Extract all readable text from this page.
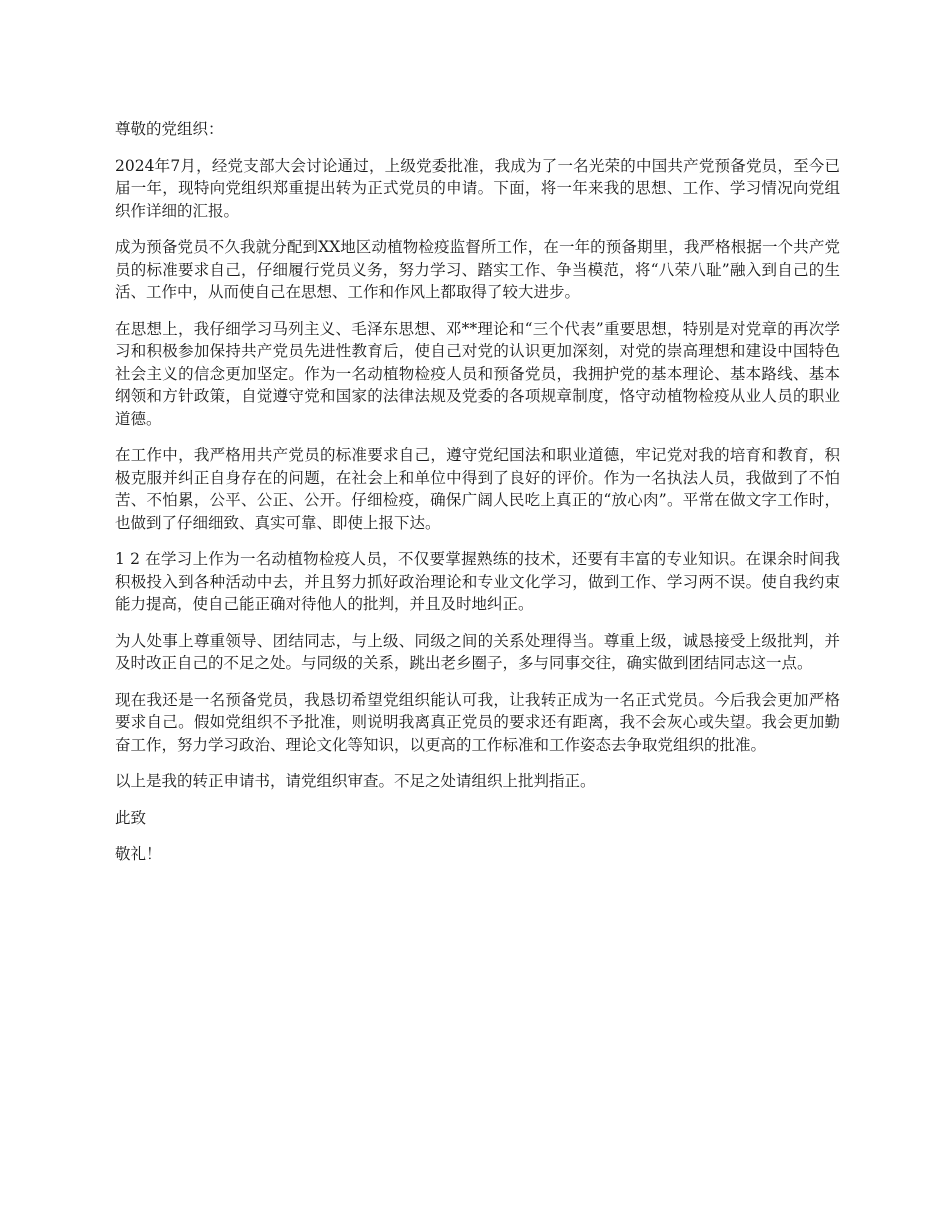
尊敬的党组织：

2024年7月，经党支部大会讨论通过，上级党委批准，我成为了一名光荣的中国共产党预备党员，至今已届一年，现特向党组织郑重提出转为正式党员的申请。下面，将一年来我的思想、工作、学习情况向党组织作详细的汇报。

成为预备党员不久我就分配到XX地区动植物检疫监督所工作，在一年的预备期里，我严格根据一个共产党员的标准要求自己，仔细履行党员义务，努力学习、踏实工作、争当模范，将“八荣八耻”融入到自己的生活、工作中，从而使自己在思想、工作和作风上都取得了较大进步。

在思想上，我仔细学习马列主义、毛泽东思想、邓**理论和“三个代表”重要思想，特别是对党章的再次学习和积极参加保持共产党员先进性教育后，使自己对党的认识更加深刻，对党的崇高理想和建设中国特色社会主义的信念更加坚定。作为一名动植物检疫人员和预备党员，我拥护党的基本理论、基本路线、基本纲领和方针政策，自觉遵守党和国家的法律法规及党委的各项规章制度，恪守动植物检疫从业人员的职业道德。

在工作中，我严格用共产党员的标准要求自己，遵守党纪国法和职业道德，牢记党对我的培育和教育，积极克服并纠正自身存在的问题，在社会上和单位中得到了良好的评价。作为一名执法人员，我做到了不怕苦、不怕累，公平、公正、公开。仔细检疫，确保广阔人民吃上真正的“放心肉”。平常在做文字工作时，也做到了仔细细致、真实可靠、即使上报下达。

1 2 在学习上作为一名动植物检疫人员，不仅要掌握熟练的技术，还要有丰富的专业知识。在课余时间我积极投入到各种活动中去，并且努力抓好政治理论和专业文化学习，做到工作、学习两不误。使自我约束能力提高，使自己能正确对待他人的批判，并且及时地纠正。

为人处事上尊重领导、团结同志，与上级、同级之间的关系处理得当。尊重上级，诚恳接受上级批判，并及时改正自己的不足之处。与同级的关系，跳出老乡圈子，多与同事交往，确实做到团结同志这一点。

现在我还是一名预备党员，我恳切希望党组织能认可我，让我转正成为一名正式党员。今后我会更加严格要求自己。假如党组织不予批准，则说明我离真正党员的要求还有距离，我不会灰心或失望。我会更加勤奋工作，努力学习政治、理论文化等知识，以更高的工作标准和工作姿态去争取党组织的批准。

以上是我的转正申请书，请党组织审查。不足之处请组织上批判指正。

此致

敬礼！
